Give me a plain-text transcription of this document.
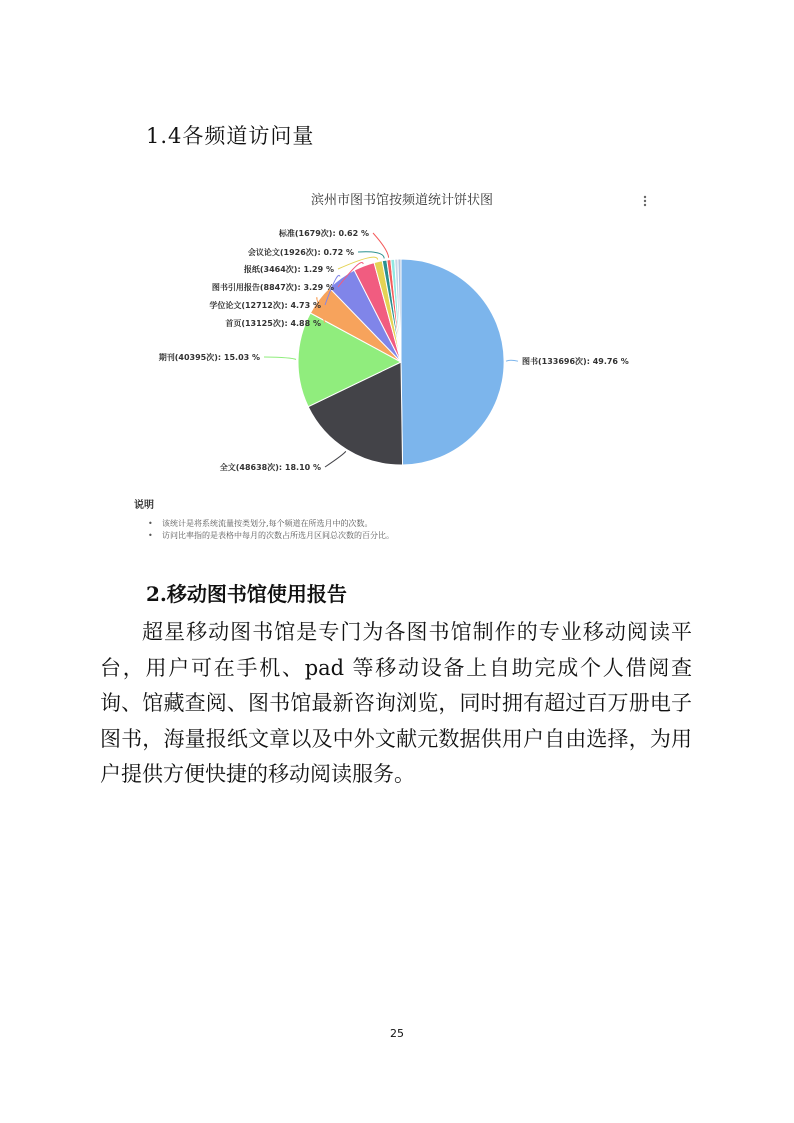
1.4各频道访问量
滨州市图书馆按频道统计饼状图
图书(133696次): 49.76 %
全文(48638次): 18.10 %
期刊(40395次): 15.03 %
首页(13125次): 4.88 %
学位论文(12712次): 4.73 %
图书引用报告(8847次): 3.29 %
报纸(3464次): 1.29 %
会议论文(1926次): 0.72 %
标准(1679次): 0.62 %
说明
• 该统计是将系统流量按类划分,每个频道在所选月中的次数。
• 访问比率指的是表格中每月的次数占所选月区间总次数的百分比。
2.移动图书馆使用报告
超星移动图书馆是专门为各图书馆制作的专业移动阅读平台，用户可在手机、pad 等移动设备上自助完成个人借阅查询、馆藏查阅、图书馆最新咨询浏览，同时拥有超过百万册电子图书，海量报纸文章以及中外文献元数据供用户自由选择，为用户提供方便快捷的移动阅读服务。
25
